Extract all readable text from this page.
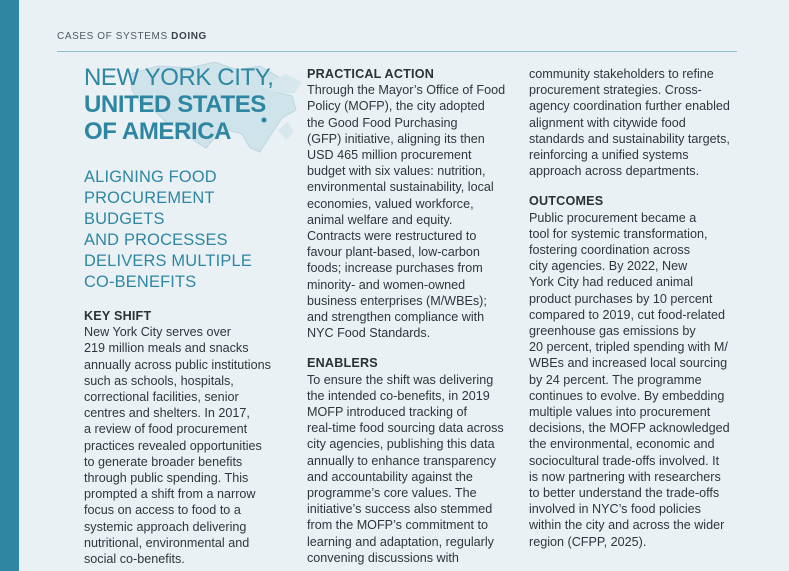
CASES OF SYSTEMS DOING
NEW YORK CITY,
UNITED STATES
OF AMERICA
ALIGNING FOOD
PROCUREMENT BUDGETS
AND PROCESSES
DELIVERS MULTIPLE
CO-BENEFITS

KEY SHIFT

New York City serves over
219 million meals and snacks
annually across public institutions
such as schools, hospitals,
correctional facilities, senior
centres and shelters. In 2017,
a review of food procurement
practices revealed opportunities
to generate broader benefits
through public spending. This
prompted a shift from a narrow
focus on access to food to a
systemic approach delivering
nutritional, environmental and
social co-benefits.

PRACTICAL ACTION

Through the Mayor’s Office of Food
Policy (MOFP), the city adopted
the Good Food Purchasing
(GFP) initiative, aligning its then
USD 465 million procurement
budget with six values: nutrition,
environmental sustainability, local
economies, valued workforce,
animal welfare and equity.
Contracts were restructured to
favour plant-based, low-carbon
foods; increase purchases from
minority- and women-owned
business enterprises (M/WBEs);
and strengthen compliance with
NYC Food Standards.

ENABLERS

To ensure the shift was delivering
the intended co-benefits, in 2019
MOFP introduced tracking of
real-time food sourcing data across
city agencies, publishing this data
annually to enhance transparency
and accountability against the
programme’s core values. The
initiative’s success also stemmed
from the MOFP’s commitment to
learning and adaptation, regularly
convening discussions with
community stakeholders to refine
procurement strategies. Cross-
agency coordination further enabled
alignment with citywide food
standards and sustainability targets,
reinforcing a unified systems
approach across departments.

OUTCOMES

Public procurement became a
tool for systemic transformation,
fostering coordination across
city agencies. By 2022, New
York City had reduced animal
product purchases by 10 percent
compared to 2019, cut food-related
greenhouse gas emissions by
20 percent, tripled spending with M/
WBEs and increased local sourcing
by 24 percent. The programme
continues to evolve. By embedding
multiple values into procurement
decisions, the MOFP acknowledged
the environmental, economic and
sociocultural trade-offs involved. It
is now partnering with researchers
to better understand the trade-offs
involved in NYC’s food policies
within the city and across the wider
region (CFPP, 2025).
